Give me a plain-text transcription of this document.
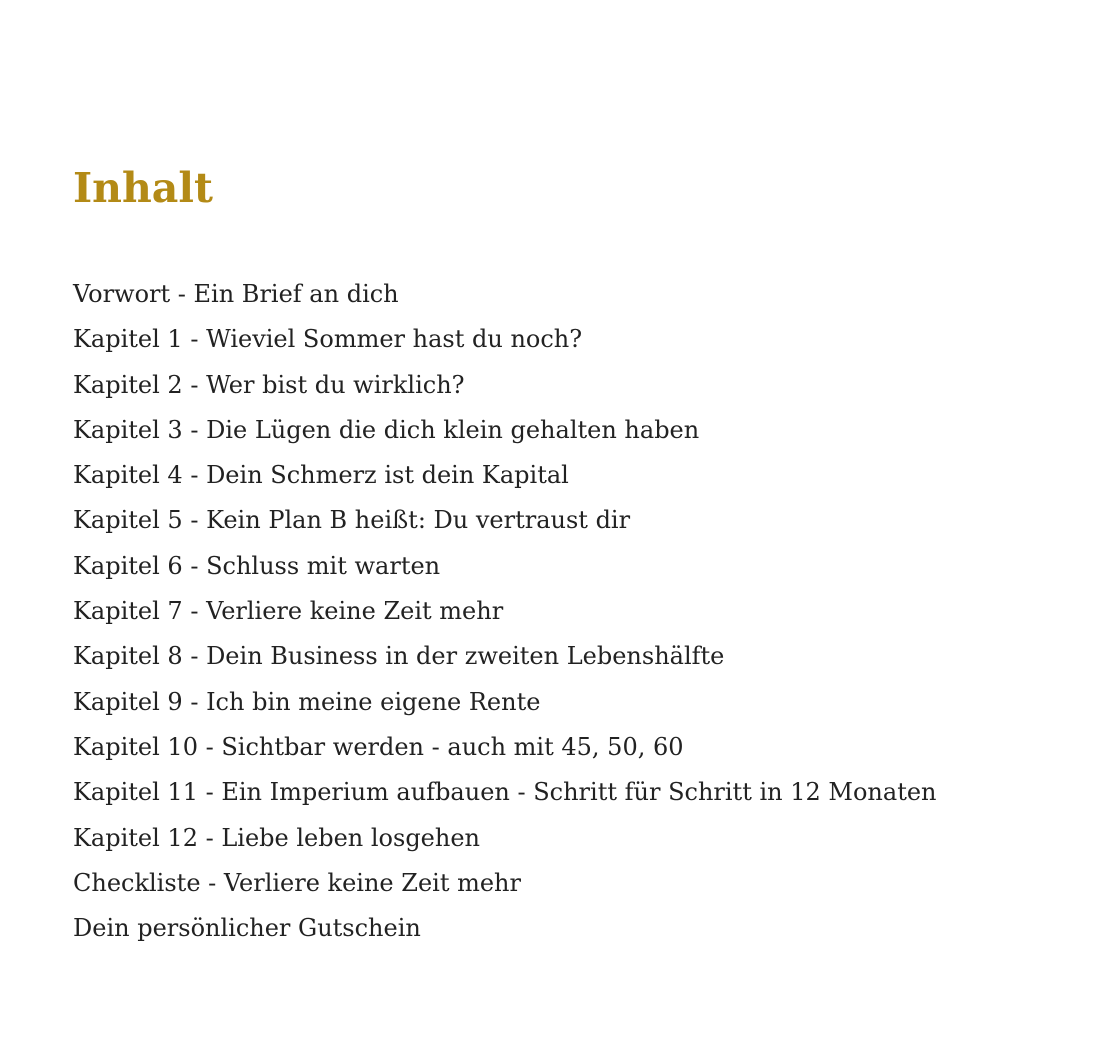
Inhalt
Vorwort - Ein Brief an dich
Kapitel 1 - Wieviel Sommer hast du noch?
Kapitel 2 - Wer bist du wirklich?
Kapitel 3 - Die Lügen die dich klein gehalten haben
Kapitel 4 - Dein Schmerz ist dein Kapital
Kapitel 5 - Kein Plan B heißt: Du vertraust dir
Kapitel 6 - Schluss mit warten
Kapitel 7 - Verliere keine Zeit mehr
Kapitel 8 - Dein Business in der zweiten Lebenshälfte
Kapitel 9 - Ich bin meine eigene Rente
Kapitel 10 - Sichtbar werden - auch mit 45, 50, 60
Kapitel 11 - Ein Imperium aufbauen - Schritt für Schritt in 12 Monaten
Kapitel 12 - Liebe leben losgehen
Checkliste - Verliere keine Zeit mehr
Dein persönlicher Gutschein
